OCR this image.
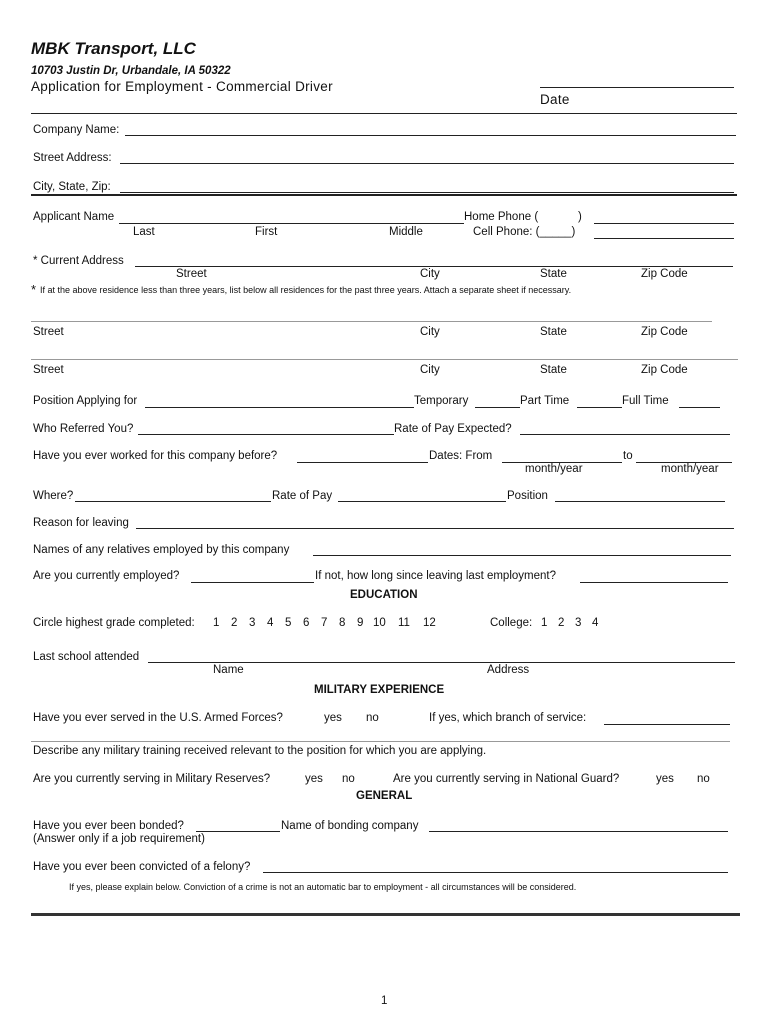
MBK Transport, LLC
10703 Justin Dr, Urbandale, IA 50322
Application for Employment - Commercial Driver
Date
Company Name:
Street Address:
City, State, Zip:
Applicant Name	Home Phone (	)
Last	First	Middle	Cell Phone: (_____)
* Current Address
Street	City	State	Zip Code
* If at the above residence less than three years, list below all residences for the past three years. Attach a separate sheet if necessary.
Street	City	State	Zip Code
Street	City	State	Zip Code
Position Applying for	Temporary	Part Time	Full Time
Who Referred You?	Rate of Pay Expected?
Have you ever worked for this company before?	Dates: From	to
month/year	month/year
Where?	Rate of Pay	Position
Reason for leaving
Names of any relatives employed by this company
Are you currently employed?	If not, how long since leaving last employment?
EDUCATION
Circle highest grade completed: 1 2 3 4 5 6 7 8 9 10 11 12	College: 1 2 3 4
Last school attended
Name	Address
MILITARY EXPERIENCE
Have you ever served in the U.S. Armed Forces?	yes no	If yes, which branch of service:
Describe any military training received relevant to the position for which you are applying.
Are you currently serving in Military Reserves?	yes no	Are you currently serving in National Guard?	yes no
GENERAL
Have you ever been bonded?	Name of bonding company
(Answer only if a job requirement)
Have you ever been convicted of a felony?
If yes, please explain below. Conviction of a crime is not an automatic bar to employment - all circumstances will be considered.
1
